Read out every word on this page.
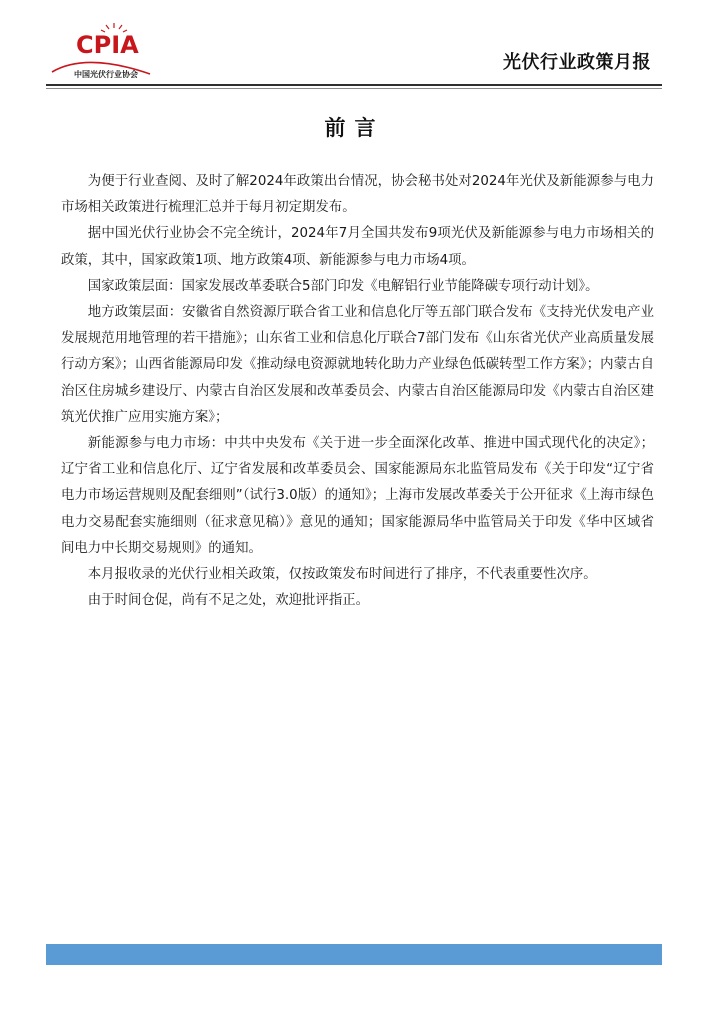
CPIA
中国光伏行业协会
光伏行业政策月报
前言

为便于行业查阅、及时了解2024年政策出台情况，协会秘书处对2024年光伏及新能源参与电力市场相关政策进行梳理汇总并于每月初定期发布。

据中国光伏行业协会不完全统计，2024年7月全国共发布9项光伏及新能源参与电力市场相关的政策，其中，国家政策1项、地方政策4项、新能源参与电力市场4项。

国家政策层面：国家发展改革委联合5部门印发《电解铝行业节能降碳专项行动计划》。

地方政策层面：安徽省自然资源厅联合省工业和信息化厅等五部门联合发布《支持光伏发电产业发展规范用地管理的若干措施》；山东省工业和信息化厅联合7部门发布《山东省光伏产业高质量发展行动方案》；山西省能源局印发《推动绿电资源就地转化助力产业绿色低碳转型工作方案》；内蒙古自治区住房城乡建设厅、内蒙古自治区发展和改革委员会、内蒙古自治区能源局印发《内蒙古自治区建筑光伏推广应用实施方案》；

新能源参与电力市场：中共中央发布《关于进一步全面深化改革、推进中国式现代化的决定》；辽宁省工业和信息化厅、辽宁省发展和改革委员会、国家能源局东北监管局发布《关于印发“辽宁省电力市场运营规则及配套细则”（试行3.0版）的通知》；上海市发展改革委关于公开征求《上海市绿色电力交易配套实施细则（征求意见稿）》意见的通知；国家能源局华中监管局关于印发《华中区域省间电力中长期交易规则》的通知。

本月报收录的光伏行业相关政策，仅按政策发布时间进行了排序，不代表重要性次序。

由于时间仓促，尚有不足之处，欢迎批评指正。
